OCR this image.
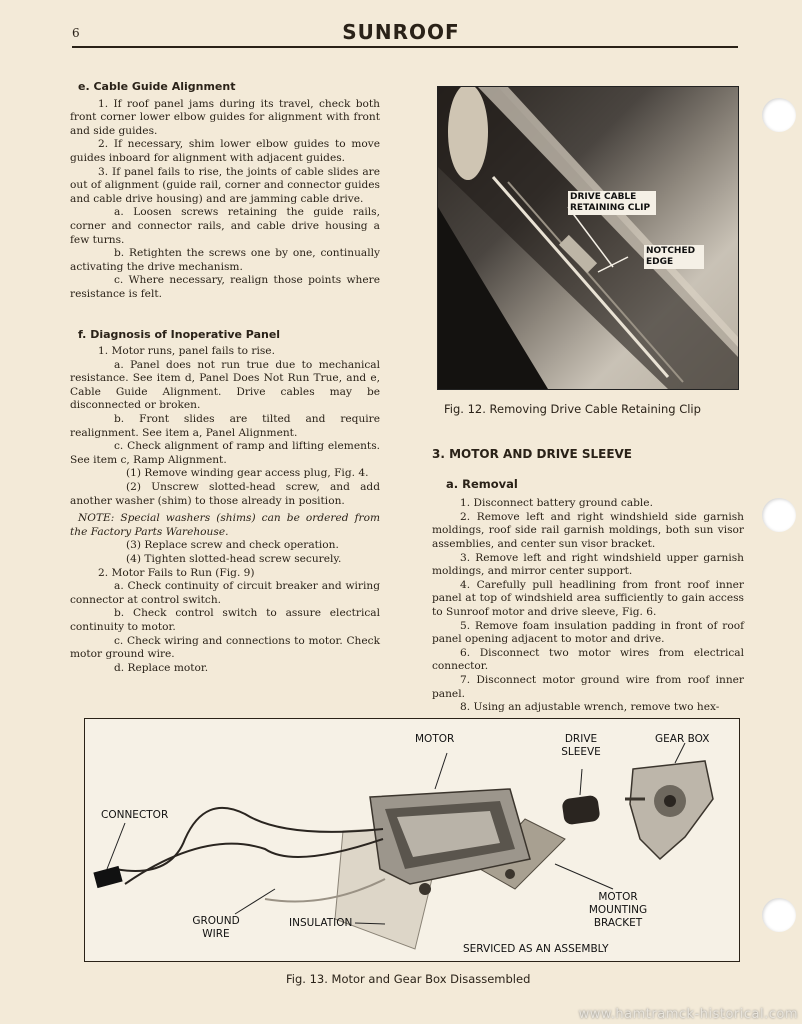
6	SUNROOF
e. Cable Guide Alignment

1. If roof panel jams during its travel, check both front corner lower elbow guides for alignment with front and side guides.

2. If necessary, shim lower elbow guides to move guides inboard for alignment with adjacent guides.

3. If panel fails to rise, the joints of cable slides are out of alignment (guide rail, corner and connector guides and cable drive housing) and are jamming cable drive.

a. Loosen screws retaining the guide rails, corner and connector rails, and cable drive housing a few turns.

b. Retighten the screws one by one, continually activating the drive mechanism.

c. Where necessary, realign those points where resistance is felt.

f. Diagnosis of Inoperative Panel

1. Motor runs, panel fails to rise.

a. Panel does not run true due to mechanical resistance. See item d, Panel Does Not Run True, and e, Cable Guide Alignment. Drive cables may be disconnected or broken.

b. Front slides are tilted and require realignment. See item a, Panel Alignment.

c. Check alignment of ramp and lifting elements. See item c, Ramp Alignment.

(1) Remove winding gear access plug, Fig. 4.

(2) Unscrew slotted-head screw, and add another washer (shim) to those already in position.

NOTE: Special washers (shims) can be ordered from the Factory Parts Warehouse.

(3) Replace screw and check operation.

(4) Tighten slotted-head screw securely.

2. Motor Fails to Run (Fig. 9)

a. Check continuity of circuit breaker and wiring connector at control switch.

b. Check control switch to assure electrical continuity to motor.

c. Check wiring and connections to motor. Check motor ground wire.

d. Replace motor.

DRIVE CABLE RETAINING CLIP
NOTCHED EDGE
Fig. 12. Removing Drive Cable Retaining Clip
3. MOTOR AND DRIVE SLEEVE
a. Removal

1. Disconnect battery ground cable.

2. Remove left and right windshield side garnish moldings, roof side rail garnish moldings, both sun visor assemblies, and center sun visor bracket.

3. Remove left and right windshield upper garnish moldings, and mirror center support.

4. Carefully pull headlining from front roof inner panel at top of windshield area sufficiently to gain access to Sunroof motor and drive sleeve, Fig. 6.

5. Remove foam insulation padding in front of roof panel opening adjacent to motor and drive.

6. Disconnect two motor wires from electrical connector.

7. Disconnect motor ground wire from roof inner panel.

8. Using an adjustable wrench, remove two hex-

MOTOR	DRIVE SLEEVE
GEAR BOX
CONNECTOR
GROUND WIRE
INSULATION
MOTOR MOUNTING BRACKET
SERVICED AS AN ASSEMBLY
Fig. 13. Motor and Gear Box Disassembled
www.hamtramck-historical.com
